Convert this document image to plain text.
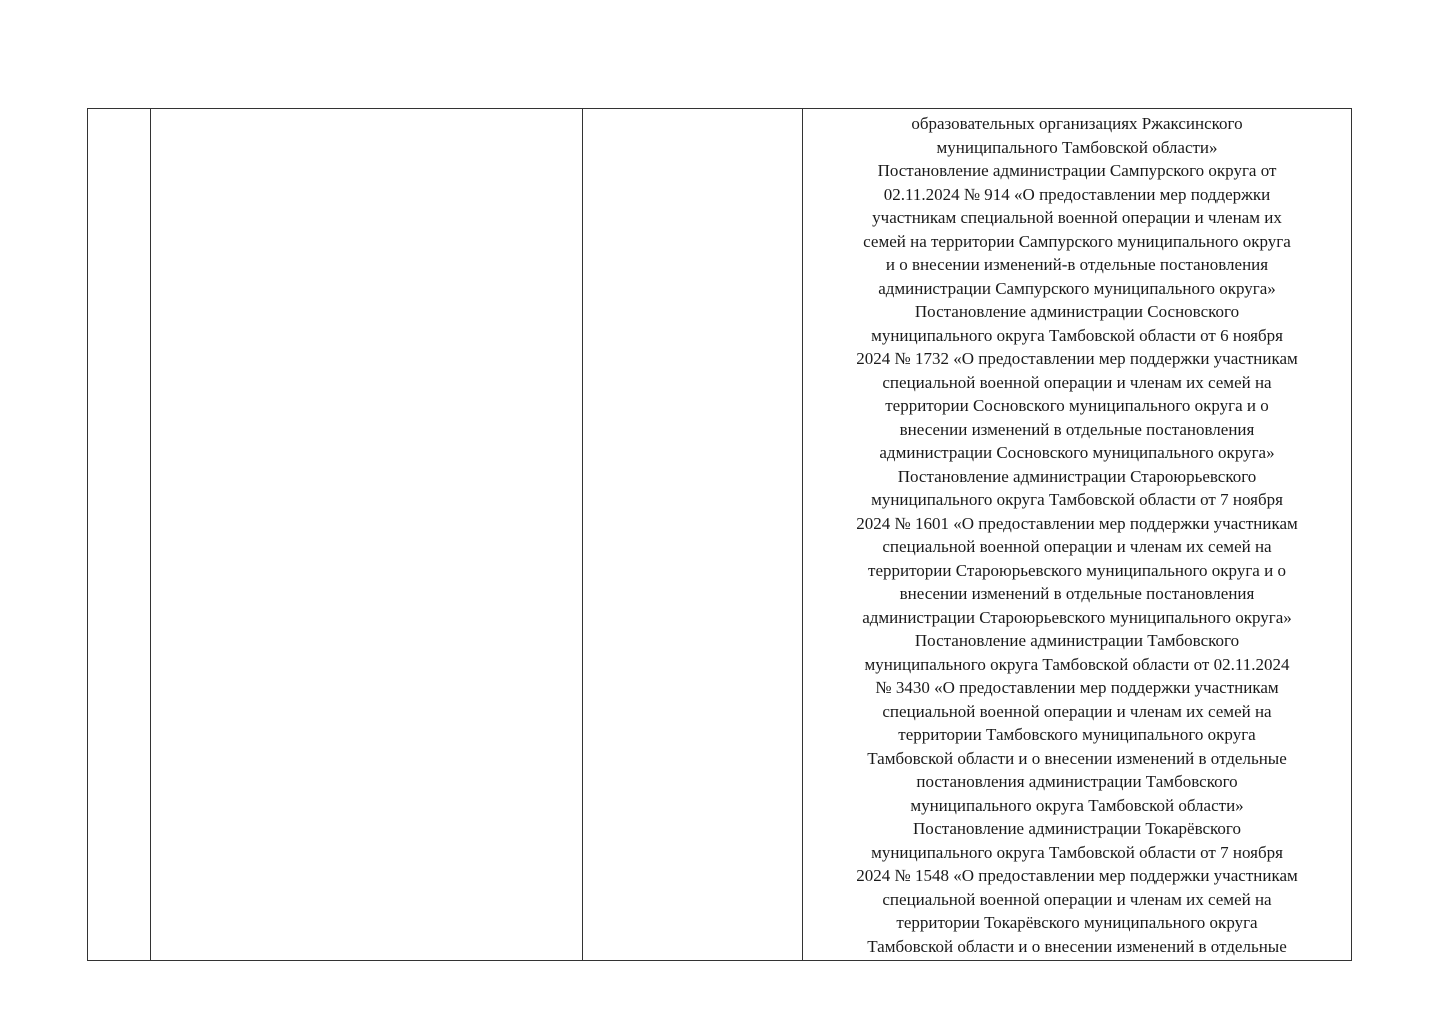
образовательных организациях Ржаксинского
муниципального Тамбовской области»
Постановление администрации Сампурского округа от
02.11.2024 № 914 «О предоставлении мер поддержки
участникам специальной военной операции и членам их
семей на территории Сампурского муниципального округа
и о внесении изменений-в отдельные постановления
администрации Сампурского муниципального округа»
Постановление администрации Сосновского
муниципального округа Тамбовской области от 6 ноября
2024 № 1732 «О предоставлении мер поддержки участникам
специальной военной операции и членам их семей на
территории Сосновского муниципального округа и о
внесении изменений в отдельные постановления
администрации Сосновского муниципального округа»
Постановление администрации Староюрьевского
муниципального округа Тамбовской области от 7 ноября
2024 № 1601 «О предоставлении мер поддержки участникам
специальной военной операции и членам их семей на
территории Староюрьевского муниципального округа и о
внесении изменений в отдельные постановления
администрации Староюрьевского муниципального округа»
Постановление администрации Тамбовского
муниципального округа Тамбовской области от 02.11.2024
№ 3430 «О предоставлении мер поддержки участникам
специальной военной операции и членам их семей на
территории Тамбовского муниципального округа
Тамбовской области и о внесении изменений в отдельные
постановления администрации Тамбовского
муниципального округа Тамбовской области»
Постановление администрации Токарёвского
муниципального округа Тамбовской области от 7 ноября
2024 № 1548 «О предоставлении мер поддержки участникам
специальной военной операции и членам их семей на
территории Токарёвского муниципального округа
Тамбовской области и о внесении изменений в отдельные
